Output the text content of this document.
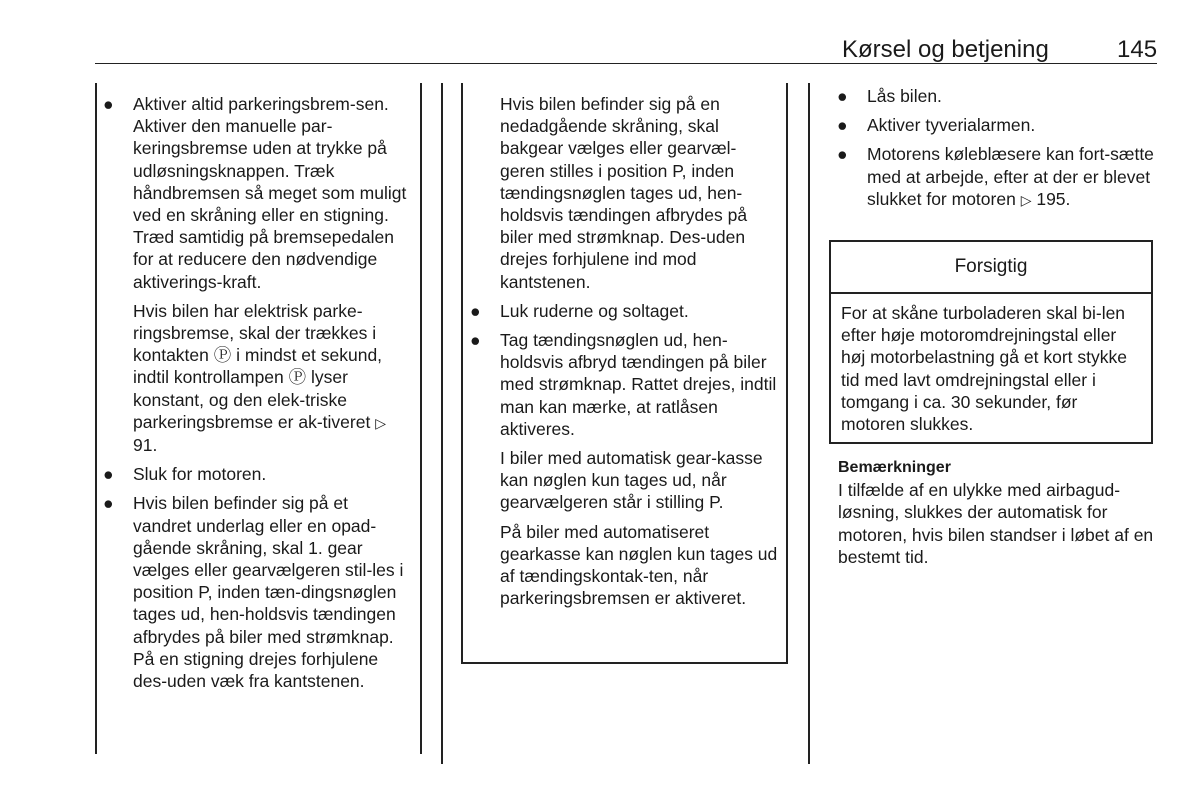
Kørsel og betjening	145
● Aktiver altid parkeringsbrem-sen. Aktiver den manuelle par-keringsbremse uden at trykke på udløsningsknappen. Træk håndbremsen så meget som muligt ved en skråning eller en stigning. Træd samtidig på bremsepedalen for at reducere den nødvendige aktiverings-kraft.
Hvis bilen har elektrisk parke-ringsbremse, skal der trækkes i kontakten Ⓟ i mindst et sekund, indtil kontrollampen Ⓟ lyser konstant, og den elek-triske parkeringsbremse er ak-tiveret ▷ 91.
● Sluk for motoren.
● Hvis bilen befinder sig på et vandret underlag eller en opad-gående skråning, skal 1. gear vælges eller gearvælgeren stil-les i position P, inden tæn-dingsnøglen tages ud, hen-holdsvis tændingen afbrydes på biler med strømknap. På en stigning drejes forhjulene des-uden væk fra kantstenen.
Hvis bilen befinder sig på en nedadgående skråning, skal bakgear vælges eller gearvæl-geren stilles i position P, inden tændingsnøglen tages ud, hen-holdsvis tændingen afbrydes på biler med strømknap. Des-uden drejes forhjulene ind mod kantstenen.
● Luk ruderne og soltaget.
● Tag tændingsnøglen ud, hen-holdsvis afbryd tændingen på biler med strømknap. Rattet drejes, indtil man kan mærke, at ratlåsen aktiveres.
I biler med automatisk gear-kasse kan nøglen kun tages ud, når gearvælgeren står i stilling P.
På biler med automatiseret gearkasse kan nøglen kun tages ud af tændingskontak-ten, når parkeringsbremsen er aktiveret.
● Lås bilen.
● Aktiver tyverialarmen.
● Motorens køleblæsere kan fort-sætte med at arbejde, efter at der er blevet slukket for motoren ▷ 195.
Forsigtig
For at skåne turboladeren skal bi-len efter høje motoromdrejningstal eller høj motorbelastning gå et kort stykke tid med lavt omdrejningstal eller i tomgang i ca. 30 sekunder, før motoren slukkes.
Bemærkninger
I tilfælde af en ulykke med airbagud-løsning, slukkes der automatisk for motoren, hvis bilen standser i løbet af en bestemt tid.
